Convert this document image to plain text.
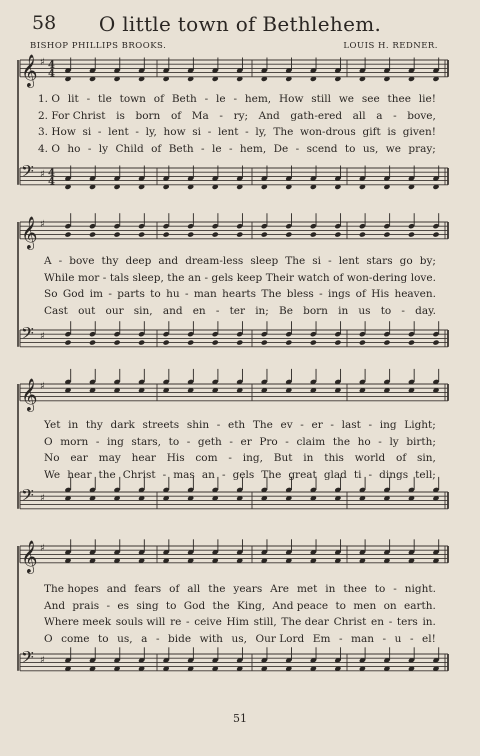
58	O little town of Bethlehem.
BISHOP PHILLIPS BROOKS.	LOUIS H. REDNER.
𝄞 ♯ 4
4
𝄢 ♯ 4
4
𝄞 ♯
𝄢 ♯
𝄞 ♯
𝄢 ♯
𝄞 ♯
𝄢 ♯
1. O lit - tle town of Beth - le - hem, How still we see thee lie!
2. For Christ is born of Ma - ry; And gath-ered all a - bove,
3. How si - lent - ly, how si - lent - ly, The won-drous gift is given!
4. O ho - ly Child of Beth - le - hem, De - scend to us, we pray;
A - bove thy deep and dream-less sleep The si - lent stars go by;
While mor - tals sleep, the an - gels keep Their watch of won-dering love.
So God im - parts to hu - man hearts The bless - ings of His heaven.
Cast out our sin, and en - ter in; Be born in us to - day.
Yet in thy dark streets shin - eth The ev - er - last - ing Light;
O morn - ing stars, to - geth - er Pro - claim the ho - ly birth;
No ear may hear His com - ing, But in this world of sin,
We hear the Christ - mas an - gels The great glad ti - dings tell;
The hopes and fears of all the years Are met in thee to - night.
And prais - es sing to God the King, And peace to men on earth.
Where meek souls will re - ceive Him still, The dear Christ en - ters in.
O come to us, a - bide with us, Our Lord Em - man - u - el!
51
